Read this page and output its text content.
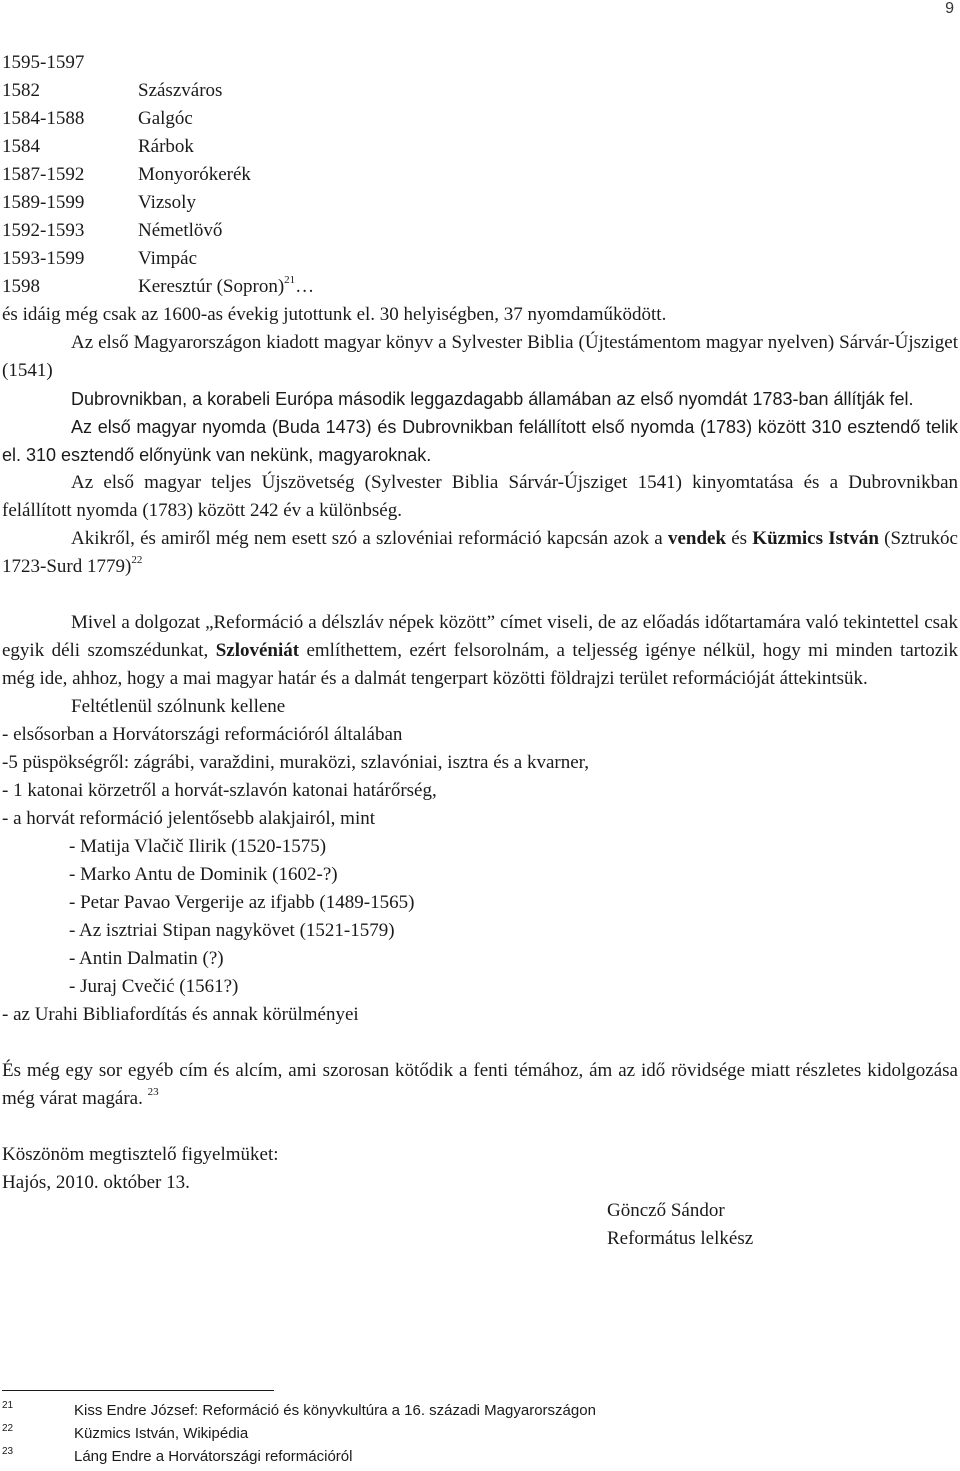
9

1595-1597

1582	Szászváros
1584-1588	Galgóc
1584	Rárbok
1587-1592	Monyorókerék
1589-1599	Vizsoly
1592-1593	Németlövő
1593-1599	Vimpác
1598	Keresztúr (Sopron)$^{21}$…

és idáig még csak az 1600-as évekig jutottunk el. 30 helyiségben, 37 nyomdaműködött.

Az első Magyarországon kiadott magyar könyv a Sylvester Biblia (Újtestámentom magyar nyelven) Sárvár-Újsziget (1541)

Dubrovnikban, a korabeli Európa második leggazdagabb államában az első nyomdát 1783-ban állítják fel.

Az első magyar nyomda (Buda 1473) és Dubrovnikban felállított első nyomda (1783) között 310 esztendő telik el. 310 esztendő előnyünk van nekünk, magyaroknak.

Az első magyar teljes Újszövetség (Sylvester Biblia Sárvár-Újsziget 1541) kinyomtatása és a Dubrovnikban felállított nyomda (1783) között 242 év a különbség.

Akikről, és amiről még nem esett szó a szlovéniai reformáció kapcsán azok a vendek és Küzmics István (Sztrukóc 1723-Surd 1779)$^{22}$

Mivel a dolgozat „Reformáció a délszláv népek között” címet viseli, de az előadás időtartamára való tekintettel csak egyik déli szomszédunkat, Szlovéniát említhettem, ezért felsorolnám, a teljesség igénye nélkül, hogy mi minden tartozik még ide, ahhoz, hogy a mai magyar határ és a dalmát tengerpart közötti földrajzi terület reformációját áttekintsük.

Feltétlenül szólnunk kellene

- elsősorban a Horvátországi reformációról általában

-5 püspökségről: zágrábi, varaždini, muraközi, szlavóniai, isztra és a kvarner,

- 1 katonai körzetről a horvát-szlavón katonai határőrség,

- a horvát reformáció jelentősebb alakjairól, mint

- Matija Vlačič Ilirik (1520-1575)

- Marko Antu de Dominik (1602-?)

- Petar Pavao Vergerije az ifjabb (1489-1565)

- Az isztriai Stipan nagykövet (1521-1579)

- Antin Dalmatin (?)

- Juraj Cvečić (1561?)

- az Urahi Bibliafordítás és annak körülményei

És még egy sor egyéb cím és alcím, ami szorosan kötődik a fenti témához, ám az idő rövidsége miatt részletes kidolgozása még várat magára. $^{23}$

Köszönöm megtisztelő figyelmüket:

Hajós, 2010. október 13.

Göncző Sándor

Református lelkész

21	Kiss Endre József: Reformáció és könyvkultúra a 16. századi Magyarországon
22	Küzmics István, Wikipédia
23	Láng Endre a Horvátországi reformációról
